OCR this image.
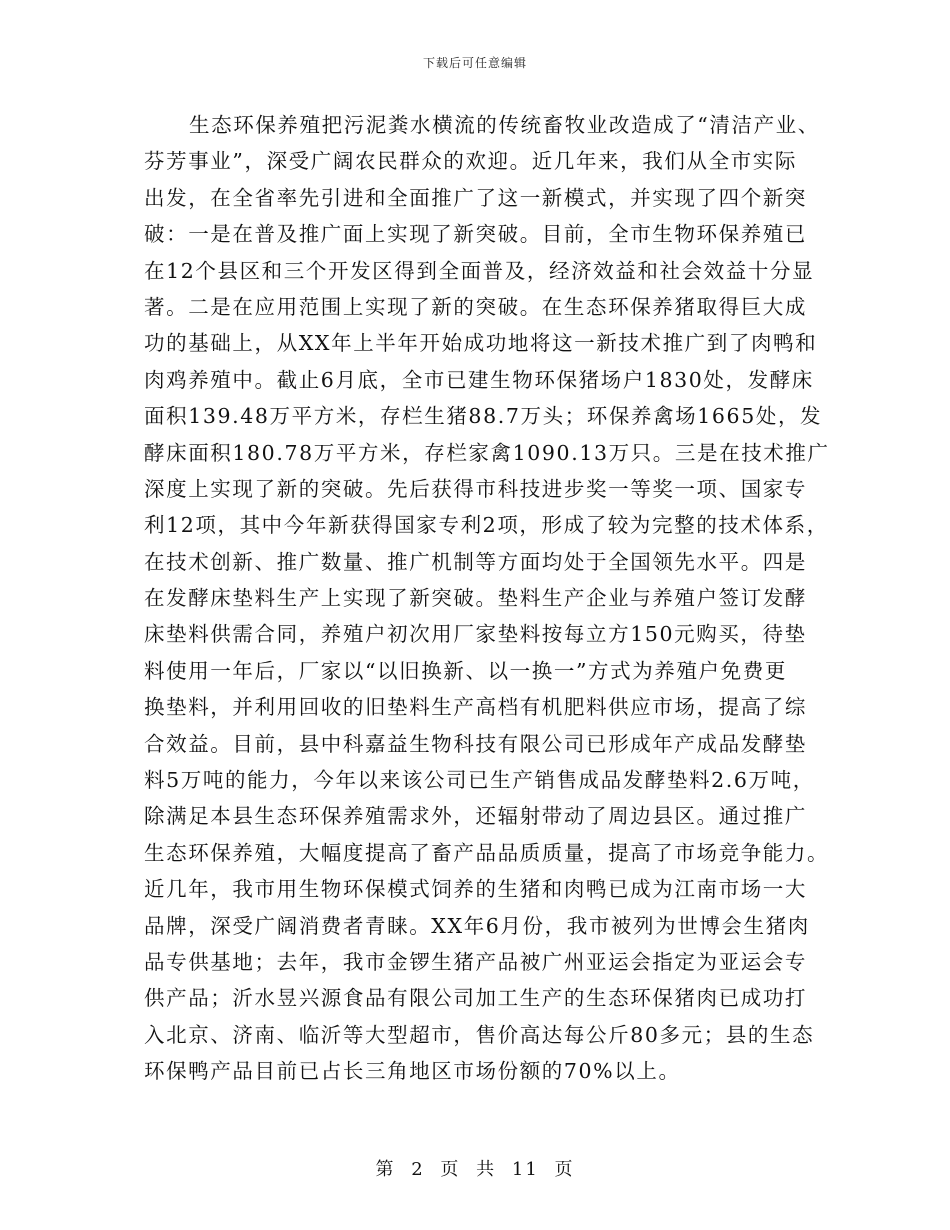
下载后可任意编辑
生态环保养殖把污泥粪水横流的传统畜牧业改造成了“清洁产业、
芬芳事业”，深受广阔农民群众的欢迎。近几年来，我们从全市实际
出发，在全省率先引进和全面推广了这一新模式，并实现了四个新突
破：一是在普及推广面上实现了新突破。目前，全市生物环保养殖已
在12个县区和三个开发区得到全面普及，经济效益和社会效益十分显
著。二是在应用范围上实现了新的突破。在生态环保养猪取得巨大成
功的基础上，从XX年上半年开始成功地将这一新技术推广到了肉鸭和
肉鸡养殖中。截止6月底，全市已建生物环保猪场户1830处，发酵床
面积139.48万平方米，存栏生猪88.7万头；环保养禽场1665处，发
酵床面积180.78万平方米，存栏家禽1090.13万只。三是在技术推广
深度上实现了新的突破。先后获得市科技进步奖一等奖一项、国家专
利12项，其中今年新获得国家专利2项，形成了较为完整的技术体系，
在技术创新、推广数量、推广机制等方面均处于全国领先水平。四是
在发酵床垫料生产上实现了新突破。垫料生产企业与养殖户签订发酵
床垫料供需合同，养殖户初次用厂家垫料按每立方150元购买，待垫
料使用一年后，厂家以“以旧换新、以一换一”方式为养殖户免费更
换垫料，并利用回收的旧垫料生产高档有机肥料供应市场，提高了综
合效益。目前，县中科嘉益生物科技有限公司已形成年产成品发酵垫
料5万吨的能力，今年以来该公司已生产销售成品发酵垫料2.6万吨，
除满足本县生态环保养殖需求外，还辐射带动了周边县区。通过推广
生态环保养殖，大幅度提高了畜产品品质质量，提高了市场竞争能力。
近几年，我市用生物环保模式饲养的生猪和肉鸭已成为江南市场一大
品牌，深受广阔消费者青睐。XX年6月份，我市被列为世博会生猪肉
品专供基地；去年，我市金锣生猪产品被广州亚运会指定为亚运会专
供产品；沂水昱兴源食品有限公司加工生产的生态环保猪肉已成功打
入北京、济南、临沂等大型超市，售价高达每公斤80多元；县的生态
环保鸭产品目前已占长三角地区市场份额的70%以上。
第 2 页 共 11 页
